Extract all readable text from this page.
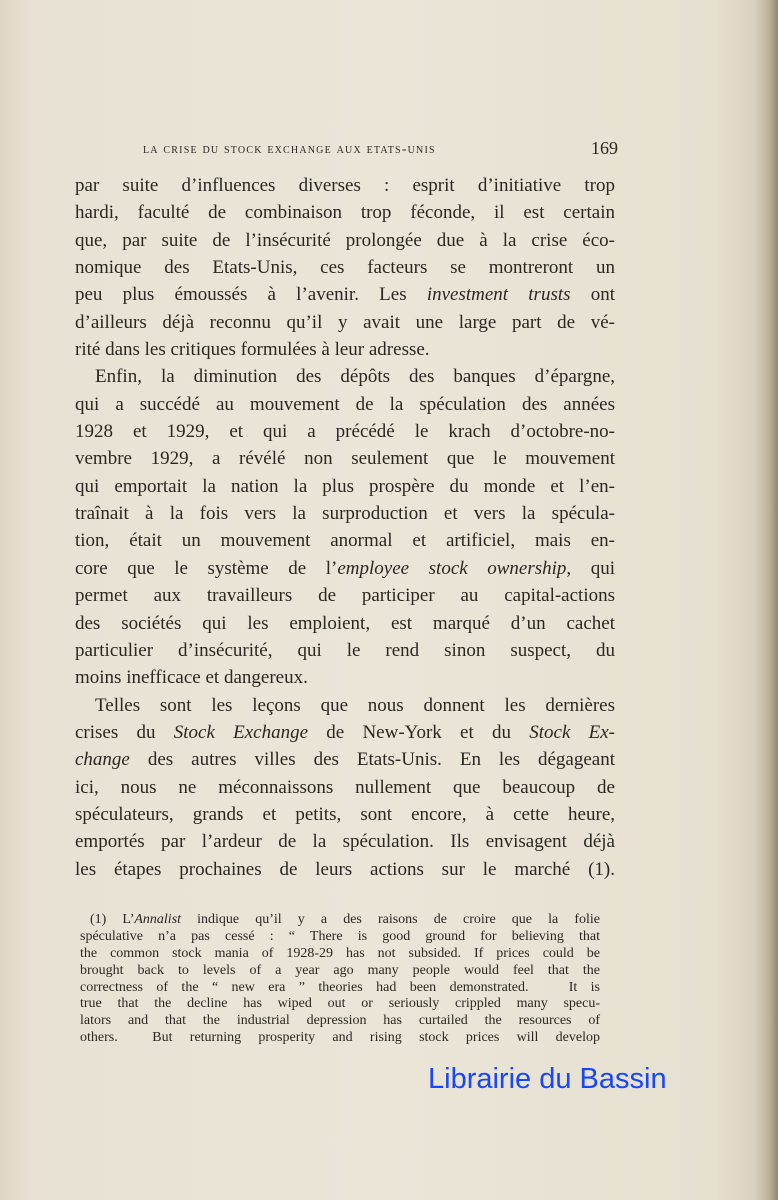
la crise du stock exchange aux etats-unis	169
par suite d’influences diverses : esprit d’initiative trop
hardi, faculté de combinaison trop féconde, il est certain
que, par suite de l’insécurité prolongée due à la crise éco-
nomique des Etats-Unis, ces facteurs se montreront un
peu plus émoussés à l’avenir. Les investment trusts ont
d’ailleurs déjà reconnu qu’il y avait une large part de vé-
rité dans les critiques formulées à leur adresse.
Enfin, la diminution des dépôts des banques d’épargne,
qui a succédé au mouvement de la spéculation des années
1928 et 1929, et qui a précédé le krach d’octobre-no-
vembre 1929, a révélé non seulement que le mouvement
qui emportait la nation la plus prospère du monde et l’en-
traînait à la fois vers la surproduction et vers la spécula-
tion, était un mouvement anormal et artificiel, mais en-
core que le système de l’employee stock ownership, qui
permet aux travailleurs de participer au capital-actions
des sociétés qui les emploient, est marqué d’un cachet
particulier d’insécurité, qui le rend sinon suspect, du
moins inefficace et dangereux.
Telles sont les leçons que nous donnent les dernières
crises du Stock Exchange de New-York et du Stock Ex-
change des autres villes des Etats-Unis. En les dégageant
ici, nous ne méconnaissons nullement que beaucoup de
spéculateurs, grands et petits, sont encore, à cette heure,
emportés par l’ardeur de la spéculation. Ils envisagent déjà
les étapes prochaines de leurs actions sur le marché (1).
(1) L’Annalist indique qu’il y a des raisons de croire que la folie
spéculative n’a pas cessé : “ There is good ground for believing that
the common stock mania of 1928-29 has not subsided. If prices could be
brought back to levels of a year ago many people would feel that the
correctness of the “ new era ” theories had been demonstrated.   It is
true that the decline has wiped out or seriously crippled many specu-
lators and that the industrial depression has curtailed the resources of
others.  But returning prosperity and rising stock prices will develop
Librairie du Bassin
